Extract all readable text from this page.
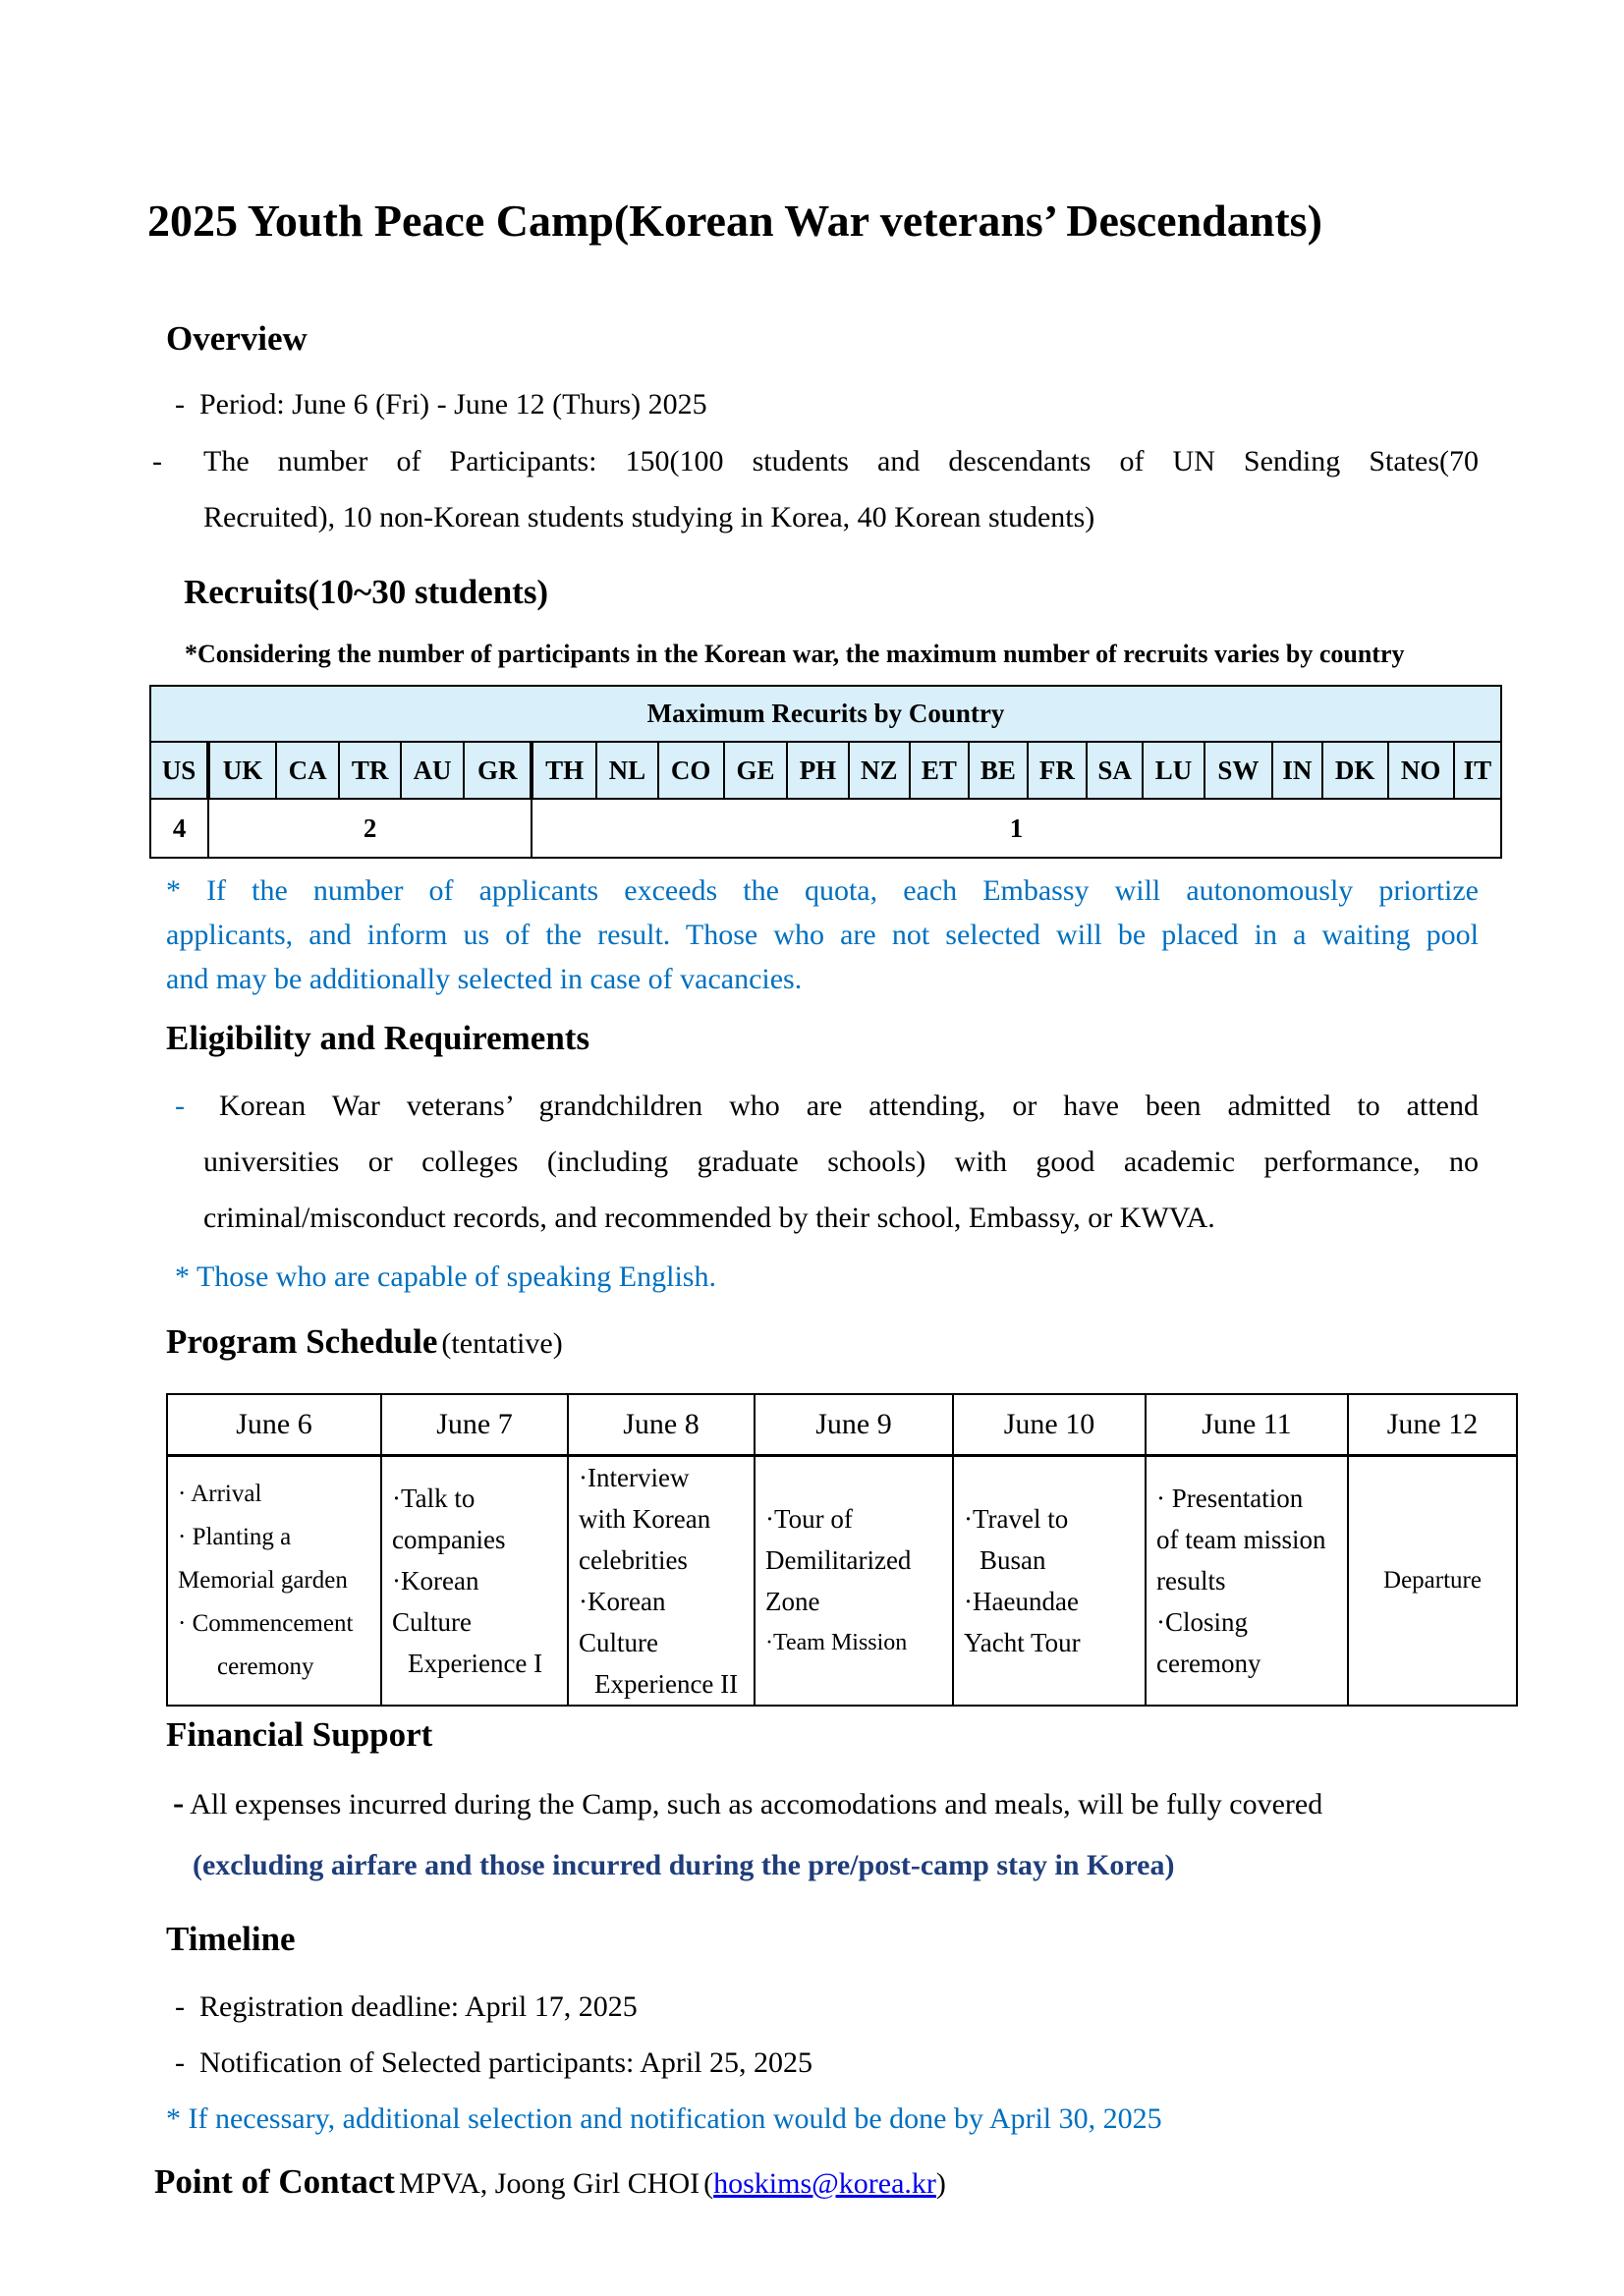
2025 Youth Peace Camp(Korean War veterans’ Descendants)
Overview
-  Period: June 6 (Fri) - June 12 (Thurs) 2025
- The number of Participants: 150(100 students and descendants of UN Sending States(70
Recruited), 10 non-Korean students studying in Korea, 40 Korean students)
Recruits(10~30 students)
*Considering the number of participants in the Korean war, the maximum number of recruits varies by country
Maximum Recurits by Country																					
US	UK	CA	TR	AU	GR	TH	NL	CO	GE	PH	NZ	ET	BE	FR	SA	LU	SW	IN	DK	NO	IT
4	2					1															
* If the number of applicants exceeds the quota, each Embassy will autonomously priortize
applicants, and inform us of the result. Those who are not selected will be placed in a waiting pool
and may be additionally selected in case of vacancies.
Eligibility and Requirements
-	Korean War veterans’ grandchildren who are attending, or have been admitted to attend
universities or colleges (including graduate schools) with good academic performance, no
criminal/misconduct records, and recommended by their school, Embassy, or KWVA.
* Those who are capable of speaking English.
Program Schedule (tentative)
June 6	June 7	June 8	June 9	June 10	June 11	June 12

· Arrival
· Planting a
Memorial garden
· Commencement
ceremony	·Talk to
companies
·Korean Culture
Experience I	·Interview
with Korean
celebrities
·Korean Culture
Experience II	·Tour of
Demilitarized
Zone
·Team Mission	·Travel to
Busan
·Haeundae
Yacht Tour	· Presentation
of team mission
results
·Closing
ceremony	Departure
Financial Support
- All expenses incurred during the Camp, such as accomodations and meals, will be fully covered
(excluding airfare and those incurred during the pre/post-camp stay in Korea)
Timeline
-  Registration deadline: April 17, 2025
-  Notification of Selected participants: April 25, 2025
* If necessary, additional selection and notification would be done by April 30, 2025
Point of Contact MPVA, Joong Girl CHOI (hoskims@korea.kr)
